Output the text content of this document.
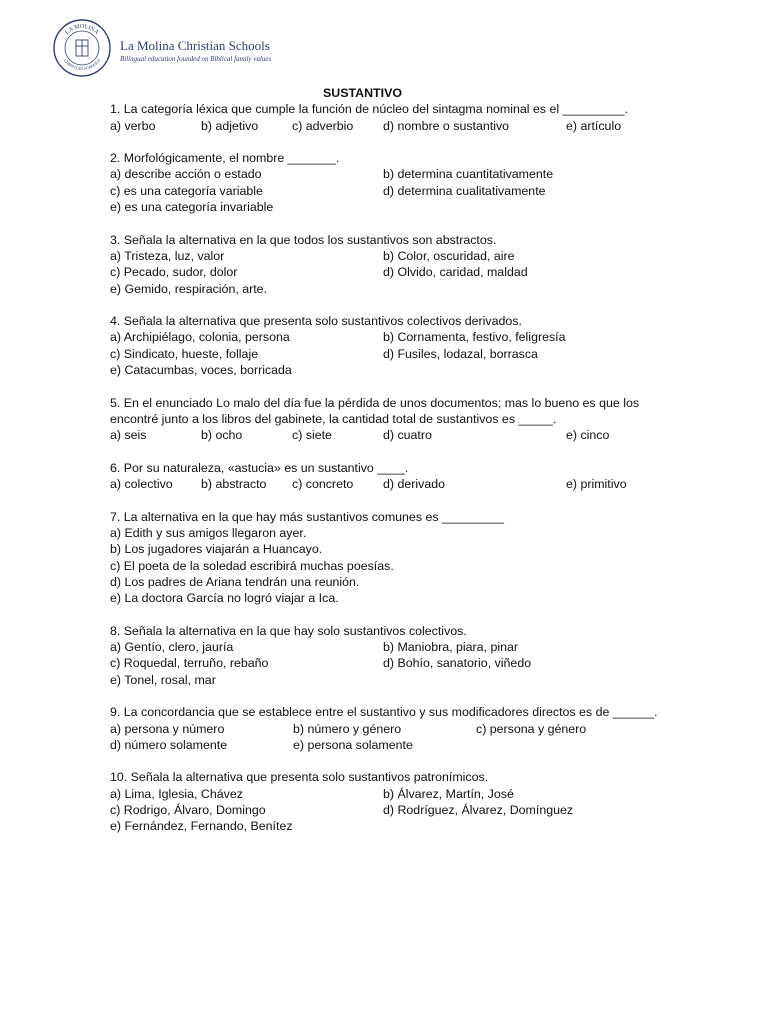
LA MOLINA
CHRISTIAN SCHOOLS
La Molina Christian Schools
Bilingual education founded on Biblical family values
SUSTANTIVO
1. La categoría léxica que cumple la función de núcleo del sintagma nominal es el _________.
a) verbo	b) adjetivo	c) adverbio	d) nombre o sustantivo	e) artículo
2. Morfológicamente, el nombre _______.
a) describe acción o estado	b) determina cuantitativamente
c) es una categoría variable	d) determina cualitativamente
e) es una categoría invariable
3. Señala la alternativa en la que todos los sustantivos son abstractos.
a) Tristeza, luz, valor	b) Color, oscuridad, aire
c) Pecado, sudor, dolor	d) Olvido, caridad, maldad
e) Gemido, respiración, arte.
4. Señala la alternativa que presenta solo sustantivos colectivos derivados.
a) Archipiélago, colonia, persona	b) Cornamenta, festivo, feligresía
c) Sindicato, hueste, follaje	d) Fusiles, lodazal, borrasca
e) Catacumbas, voces, borricada
5. En el enunciado Lo malo del día fue la pérdida de unos documentos; mas lo bueno es que los encontré junto a los libros del gabinete, la cantidad total de sustantivos es _____.
a) seis	b) ocho	c) siete	d) cuatro	e) cinco
6. Por su naturaleza, «astucia» es un sustantivo ____.
a) colectivo	b) abstracto	c) concreto	d) derivado	e) primitivo
7. La alternativa en la que hay más sustantivos comunes es _________
a) Edith y sus amigos llegaron ayer.
b) Los jugadores viajarán a Huancayo.
c) El poeta de la soledad escribirá muchas poesías.
d) Los padres de Ariana tendrán una reunión.
e) La doctora García no logró viajar a Ica.
8. Señala la alternativa en la que hay solo sustantivos colectivos.
a) Gentío, clero, jauría	b) Maniobra, piara, pinar
c) Roquedal, terruño, rebaño	d) Bohío, sanatorio, viñedo
e) Tonel, rosal, mar
9. La concordancia que se establece entre el sustantivo y sus modificadores directos es de ______.
a) persona y número	b) número y género	c) persona y género
d) número solamente	e) persona solamente
10. Señala la alternativa que presenta solo sustantivos patronímicos.
a) Lima, Iglesia, Chávez	b) Álvarez, Martín, José
c) Rodrigo, Álvaro, Domingo	d) Rodríguez, Álvarez, Domínguez
e) Fernández, Fernando, Benítez
